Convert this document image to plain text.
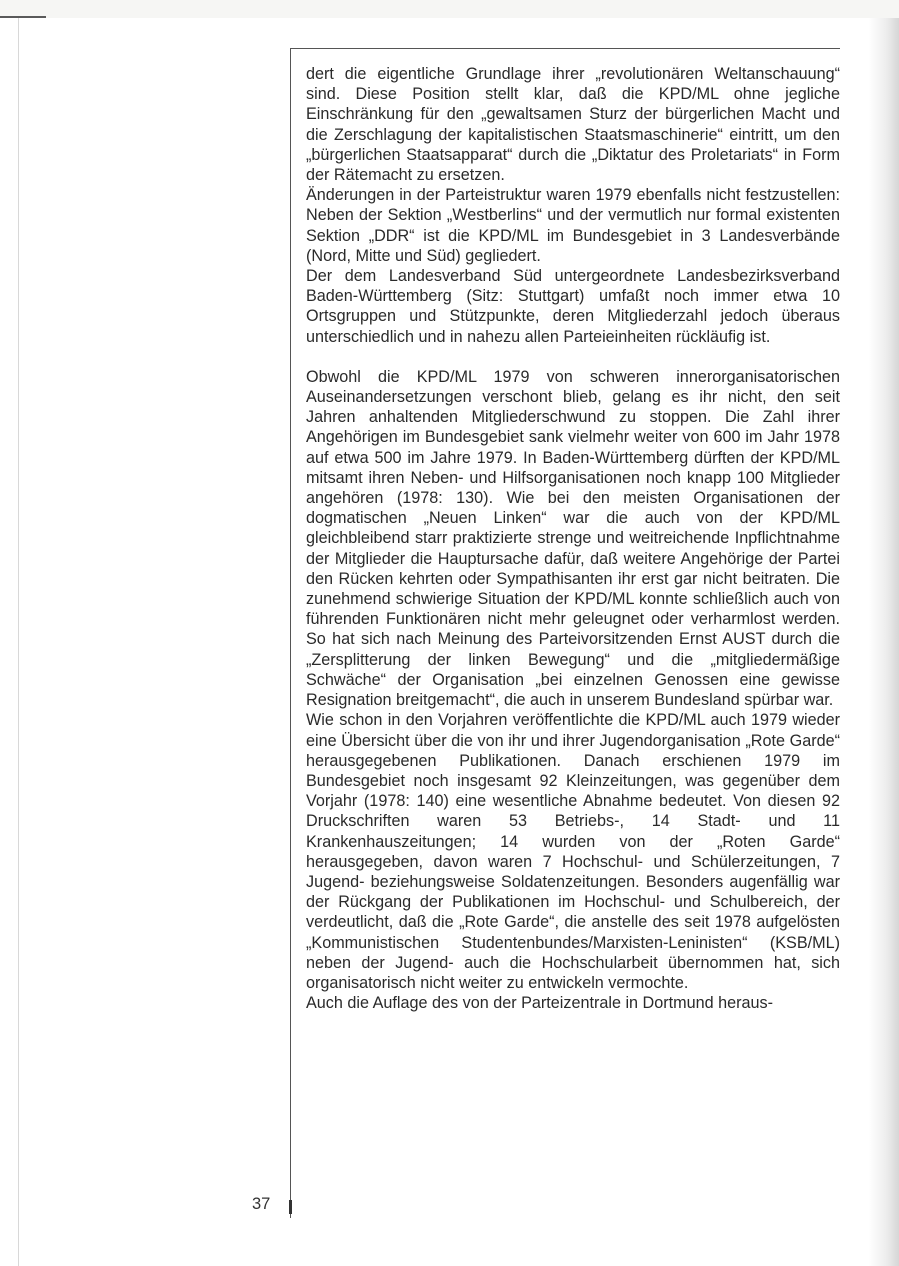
37

dert die eigentliche Grundlage ihrer „revolutionären Weltanschauung“ sind. Diese Position stellt klar, daß die KPD/ML ohne jegliche Einschränkung für den „gewaltsamen Sturz der bürgerlichen Macht und die Zerschlagung der kapitalistischen Staatsmaschinerie“ eintritt, um den „bürgerlichen Staatsapparat“ durch die „Diktatur des Proletariats“ in Form der Rätemacht zu ersetzen.

Änderungen in der Parteistruktur waren 1979 ebenfalls nicht festzustellen: Neben der Sektion „Westberlins“ und der vermutlich nur formal existenten Sektion „DDR“ ist die KPD/ML im Bundesgebiet in 3 Landesverbände (Nord, Mitte und Süd) gegliedert.

Der dem Landesverband Süd untergeordnete Landesbezirksverband Baden-Württemberg (Sitz: Stuttgart) umfaßt noch immer etwa 10 Ortsgruppen und Stützpunkte, deren Mitgliederzahl jedoch überaus unterschiedlich und in nahezu allen Parteieinheiten rückläufig ist.

Obwohl die KPD/ML 1979 von schweren innerorganisatorischen Auseinandersetzungen verschont blieb, gelang es ihr nicht, den seit Jahren anhaltenden Mitgliederschwund zu stoppen. Die Zahl ihrer Angehörigen im Bundesgebiet sank vielmehr weiter von 600 im Jahr 1978 auf etwa 500 im Jahre 1979. In Baden-Württemberg dürften der KPD/ML mitsamt ihren Neben- und Hilfsorganisationen noch knapp 100 Mitglieder angehören (1978: 130). Wie bei den meisten Organisationen der dogmatischen „Neuen Linken“ war die auch von der KPD/ML gleichbleibend starr praktizierte strenge und weitreichende Inpflichtnahme der Mitglieder die Hauptursache dafür, daß weitere Angehörige der Partei den Rücken kehrten oder Sympathisanten ihr erst gar nicht beitraten. Die zunehmend schwierige Situation der KPD/ML konnte schließlich auch von führenden Funktionären nicht mehr geleugnet oder verharmlost werden. So hat sich nach Meinung des Parteivorsitzenden Ernst AUST durch die „Zersplitterung der linken Bewegung“ und die „mitgliedermäßige Schwäche“ der Organisation „bei einzelnen Genossen eine gewisse Resignation breitgemacht“, die auch in unserem Bundesland spürbar war.

Wie schon in den Vorjahren veröffentlichte die KPD/ML auch 1979 wieder eine Übersicht über die von ihr und ihrer Jugendorganisation „Rote Garde“ herausgegebenen Publikationen. Danach erschienen 1979 im Bundesgebiet noch insgesamt 92 Kleinzeitungen, was gegenüber dem Vorjahr (1978: 140) eine wesentliche Abnahme bedeutet. Von diesen 92 Druckschriften waren 53 Betriebs-, 14 Stadt- und 11 Krankenhauszeitungen; 14 wurden von der „Roten Garde“ herausgegeben, davon waren 7 Hochschul- und Schülerzeitungen, 7 Jugend- beziehungsweise Soldatenzeitungen. Besonders augenfällig war der Rückgang der Publikationen im Hochschul- und Schulbereich, der verdeutlicht, daß die „Rote Garde“, die anstelle des seit 1978 aufgelösten „Kommunistischen Studentenbundes/Marxisten-Leninisten“ (KSB/ML) neben der Jugend- auch die Hochschularbeit übernommen hat, sich organisatorisch nicht weiter zu entwickeln vermochte.

Auch die Auflage des von der Parteizentrale in Dortmund heraus-
